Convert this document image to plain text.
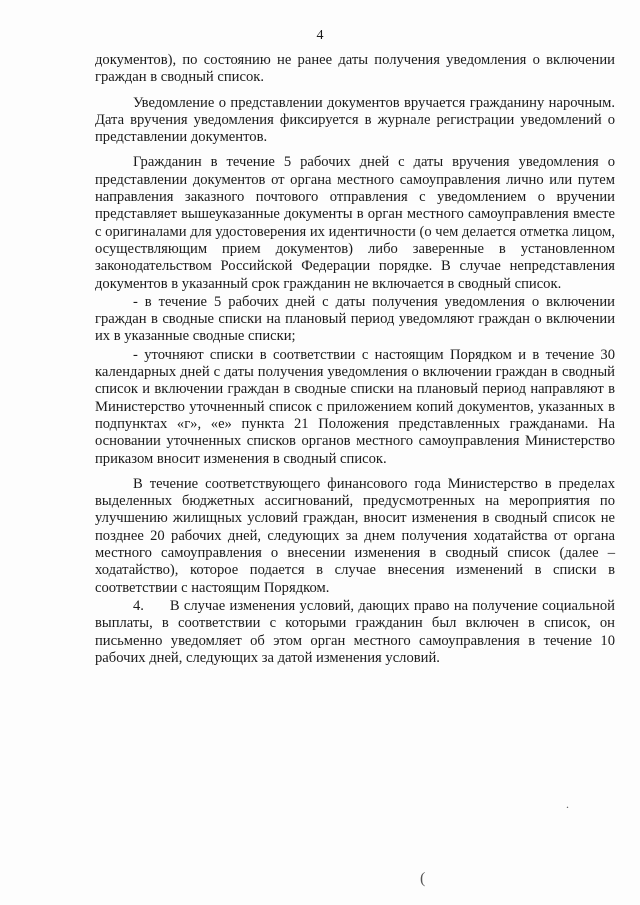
4

документов), по состоянию не ранее даты получения уведомления о включении граждан в сводный список.

Уведомление о представлении документов вручается гражданину нарочным. Дата вручения уведомления фиксируется в журнале регистрации уведомлений о представлении документов.

Гражданин в течение 5 рабочих дней с даты вручения уведомления о представлении документов от органа местного самоуправления лично или путем направления заказного почтового отправления с уведомлением о вручении представляет вышеуказанные документы в орган местного самоуправления вместе с оригиналами для удостоверения их идентичности (о чем делается отметка лицом, осуществляющим прием документов) либо заверенные в установленном законодательством Российской Федерации порядке. В случае непредставления документов в указанный срок гражданин не включается в сводный список.

- в течение 5 рабочих дней с даты получения уведомления о включении граждан в сводные списки на плановый период уведомляют граждан о включении их в указанные сводные списки;

- уточняют списки в соответствии с настоящим Порядком и в течение 30 календарных дней с даты получения уведомления о включении граждан в сводный список и включении граждан в сводные списки на плановый период направляют в Министерство уточненный список с приложением копий документов, указанных в подпунктах «г», «е» пункта 21 Положения представленных гражданами. На основании уточненных списков органов местного самоуправления Министерство приказом вносит изменения в сводный список.

В течение соответствующего финансового года Министерство в пределах выделенных бюджетных ассигнований, предусмотренных на мероприятия по улучшению жилищных условий граждан, вносит изменения в сводный список не позднее 20 рабочих дней, следующих за днем получения ходатайства от органа местного самоуправления о внесении изменения в сводный список (далее – ходатайство), которое подается в случае внесения изменений в списки в соответствии с настоящим Порядком.

4.      В случае изменения условий, дающих право на получение социальной выплаты, в соответствии с которыми гражданин был включен в список, он письменно уведомляет об этом орган местного самоуправления в течение 10 рабочих дней, следующих за датой изменения условий.

.
(
